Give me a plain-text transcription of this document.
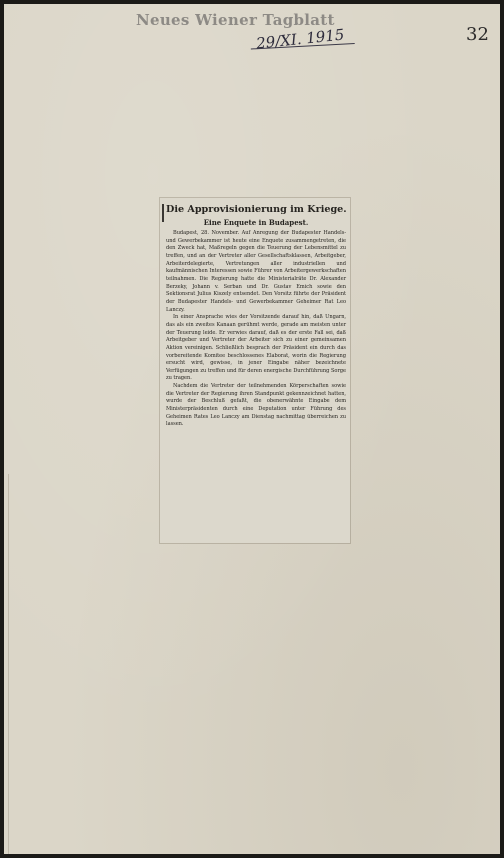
Neues Wiener Tagblatt
29/XI. 1915	32
Die Approvisionierung im Kriege.
Eine Enquete in Budapest.

Budapest, 28. November. Auf Anregung der Budapester Handels- und Gewerbekammer ist heute eine Enquete zusammengetreten, die den Zweck hat, Maßregeln gegen die Teuerung der Lebensmittel zu treffen, und an der Vertreter aller Gesellschaftsklassen, Arbeitgeber, Arbeiterdelegierte, Vertretungen aller industriellen und kaufmännischen Interessen sowie Führer von Arbeitergewerkschaften teilnahmen. Die Regierung hatte die Ministerialräte Dr. Alexander Berzeky, Johann v. Serban und Dr. Gustav Emich sowie den Sektionsrat Julius Kiszely entsendet. Den Vorsitz führte der Präsident der Budapester Handels- und Gewerbekammer Geheimer Rat Leo Lanczy.

In einer Ansprache wies der Vorsitzende darauf hin, daß Ungarn, das als ein zweites Kanaan gerühmt werde, gerade am meisten unter der Teuerung leide. Er verwies darauf, daß es der erste Fall sei, daß Arbeitgeber und Vertreter der Arbeiter sich zu einer gemeinsamen Aktion vereinigen. Schließlich besprach der Präsident ein durch das vorbereitende Komitee beschlossenes Elaborat, worin die Regierung ersucht wird, gewisse, in jener Eingabe näher bezeichnete Verfügungen zu treffen und für deren energische Durchführung Sorge zu tragen.

Nachdem die Vertreter der teilnehmenden Körperschaften sowie die Vertreter der Regierung ihren Standpunkt gekennzeichnet hatten, wurde der Beschluß gefaßt, die obenerwähnte Eingabe dem Ministerpräsidenten durch eine Deputation unter Führung des Geheimen Rates Leo Lanczy am Dienstag nachmittag überreichen zu lassen.
